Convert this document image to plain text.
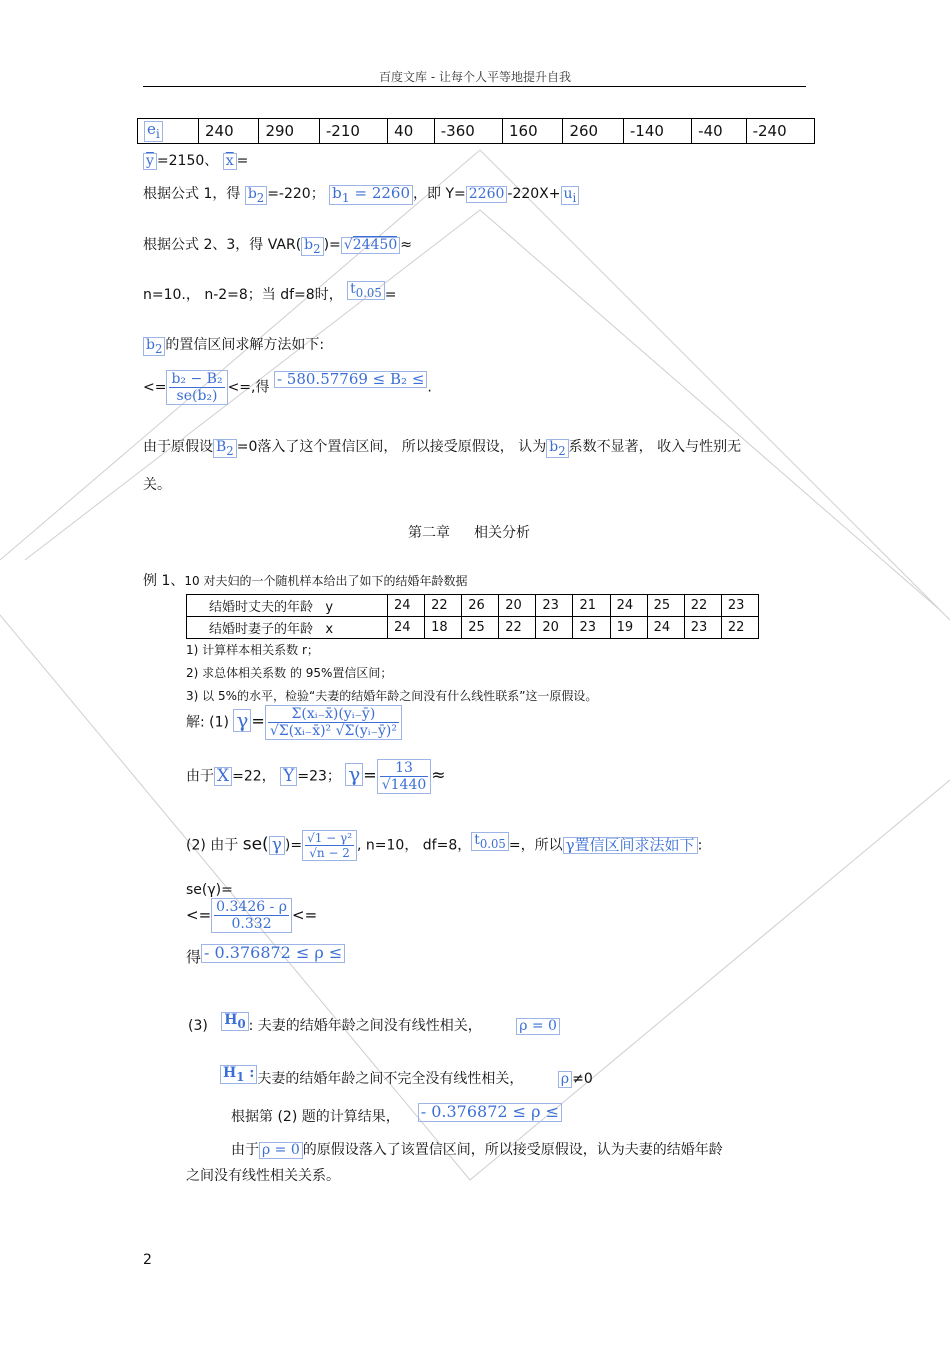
百度文库 - 让每个人平等地提升自我
$e_i$	240	290	-210	40	-360	160	260	-140	-40	-240
$\overline{y} =2150$、 $\overline{x}$ =
根据公式 1，得 $b_2 =-220$； $b_1 = 2260$ ，即 Y= 2260 $-220X+ u_i$
根据公式 2、3，得 VAR( $b_2$ )= √24450 ≈
n=10.， n-2=8；当 df=8时， $t_{0.05}$ =
$b_2$ 的置信区间求解方法如下:
<= $\frac{\text{b₂ − B₂}}{\text{se(b₂)}}$ <=,得 - 580.57769 ≤ B₂ ≤ .
由于原假设 $B_2 =0$落入了这个置信区间， 所以接受原假设， 认为 $b_2$ 系数不显著， 收入与性别无
关。
第二章 相关分析
例 1、10 对夫妇的一个随机样本给出了如下的结婚年龄数据
结婚时丈夫的年龄 y	24	22	26	20	23	21	24	25	22	23
结婚时妻子的年龄 x	24	18	25	22	20	23	19	24	23	22
1) 计算样本相关系数 r；
2) 求总体相关系数 的 95%置信区间；
3) 以 5%的水平，检验“夫妻的结婚年龄之间没有什么线性联系”这一原假设。
解: (1) $\gamma = \frac{\text{Σ(xᵢ₋x̄)(yᵢ₋ȳ)}}{\text{√Σ(xᵢ₋x̄)² √Σ(yᵢ₋ȳ)²}}$
由于 X =22， Y =23； $\gamma = \frac{13}{√1440}$ ≈
(2) 由于 se( γ )= $\frac{\text{√1 − γ²}}{√n - 2}$ , n=10， df=8， $t_{0.05}$ =，所以 γ置信区间求法如下 :
se(γ)=
<= $\frac{0.3426 - \rho}{0.332}$ <=
得 - 0.376872 ≤ ρ ≤
(3) $H_0$ : 夫妻的结婚年龄之间没有线性相关，	ρ = 0
$H_1$ : 夫妻的结婚年龄之间不完全没有线性相关，	ρ ≠0
根据第 (2) 题的计算结果， - 0.376872 ≤ ρ ≤
由于 ρ = 0 的原假设落入了该置信区间，所以接受原假设，认为夫妻的结婚年龄
之间没有线性相关关系。
2
